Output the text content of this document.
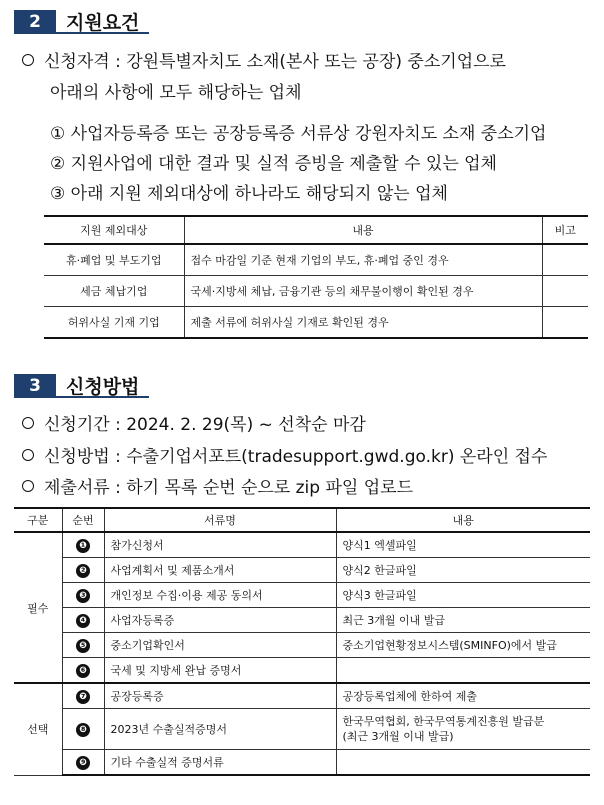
2	지원요건
신청자격 : 강원특별자치도 소재(본사 또는 공장) 중소기업으로
아래의 사항에 모두 해당하는 업체
① 사업자등록증 또는 공장등록증 서류상 강원자치도 소재 중소기업
② 지원사업에 대한 결과 및 실적 증빙을 제출할 수 있는 업체
③ 아래 지원 제외대상에 하나라도 해당되지 않는 업체
지원 제외대상	내용	비고
휴·폐업 및 부도기업	접수 마감일 기준 현재 기업의 부도, 휴·폐업 중인 경우	
세금 체납기업	국세·지방세 체납, 금융기관 등의 채무불이행이 확인된 경우	
허위사실 기재 기업	제출 서류에 허위사실 기재로 확인된 경우	
3	신청방법
신청기간 : 2024. 2. 29(목) ~ 선착순 마감
신청방법 : 수출기업서포트(tradesupport.gwd.go.kr) 온라인 접수
제출서류 : 하기 목록 순번 순으로 zip 파일 업로드
구분	순번	서류명	내용
필수	❶	참가신청서	양식1 엑셀파일
	❷	사업계획서 및 제품소개서	양식2 한글파일
	❸	개인정보 수집·이용 제공 동의서	양식3 한글파일
	❹	사업자등록증	최근 3개월 이내 발급
	❺	중소기업확인서	중소기업현황정보시스템(SMINFO)에서 발급
	❻	국세 및 지방세 완납 증명서	
선택	❼	공장등록증	공장등록업체에 한하여 제출
	❽	2023년 수출실적증명서	한국무역협회, 한국무역통계진흥원 발급분
(최근 3개월 이내 발급)
	❾	기타 수출실적 증명서류	
